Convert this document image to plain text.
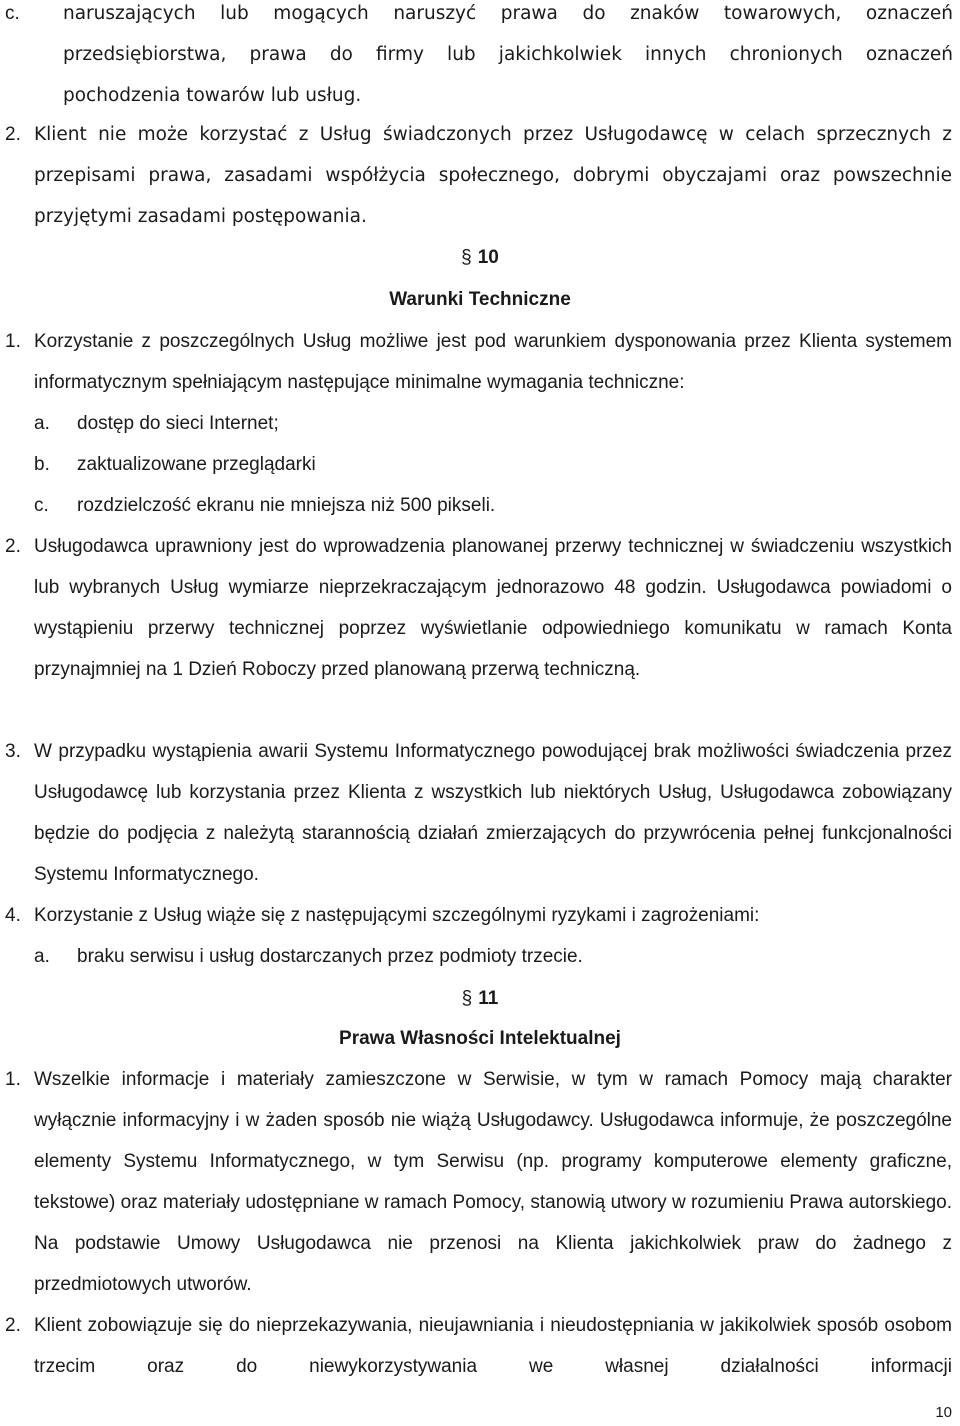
c. naruszających lub mogących naruszyć prawa do znaków towarowych, oznaczeń
przedsiębiorstwa, prawa do firmy lub jakichkolwiek innych chronionych oznaczeń
pochodzenia towarów lub usług.
2. Klient nie może korzystać z Usług świadczonych przez Usługodawcę w celach sprzecznych z przepisami prawa, zasadami współżycia społecznego, dobrymi obyczajami oraz powszechnie przyjętymi zasadami postępowania.
§ 10
Warunki Techniczne
1. Korzystanie z poszczególnych Usług możliwe jest pod warunkiem dysponowania przez Klienta systemem informatycznym spełniającym następujące minimalne wymagania techniczne:
a. dostęp do sieci Internet;
b. zaktualizowane przeglądarki
c. rozdzielczość ekranu nie mniejsza niż 500 pikseli.
2. Usługodawca uprawniony jest do wprowadzenia planowanej przerwy technicznej w świadczeniu wszystkich lub wybranych Usług wymiarze nieprzekraczającym jednorazowo 48 godzin. Usługodawca powiadomi o wystąpieniu przerwy technicznej poprzez wyświetlanie odpowiedniego komunikatu w ramach Konta przynajmniej na 1 Dzień Roboczy przed planowaną przerwą techniczną.
3. W przypadku wystąpienia awarii Systemu Informatycznego powodującej brak możliwości świadczenia przez Usługodawcę lub korzystania przez Klienta z wszystkich lub niektórych Usług, Usługodawca zobowiązany będzie do podjęcia z należytą starannością działań zmierzających do przywrócenia pełnej funkcjonalności Systemu Informatycznego.
4. Korzystanie z Usług wiąże się z następującymi szczególnymi ryzykami i zagrożeniami:
a. braku serwisu i usług dostarczanych przez podmioty trzecie.
§ 11
Prawa Własności Intelektualnej
1. Wszelkie informacje i materiały zamieszczone w Serwisie, w tym w ramach Pomocy mają charakter wyłącznie informacyjny i w żaden sposób nie wiążą Usługodawcy. Usługodawca informuje, że poszczególne elementy Systemu Informatycznego, w tym Serwisu (np. programy komputerowe elementy graficzne, tekstowe) oraz materiały udostępniane w ramach Pomocy, stanowią utwory w rozumieniu Prawa autorskiego. Na podstawie Umowy Usługodawca nie przenosi na Klienta jakichkolwiek praw do żadnego z przedmiotowych utworów.
2. Klient zobowiązuje się do nieprzekazywania, nieujawniania i nieudostępniania w jakikolwiek sposób osobom trzecim oraz do niewykorzystywania we własnej działalności informacji
10
